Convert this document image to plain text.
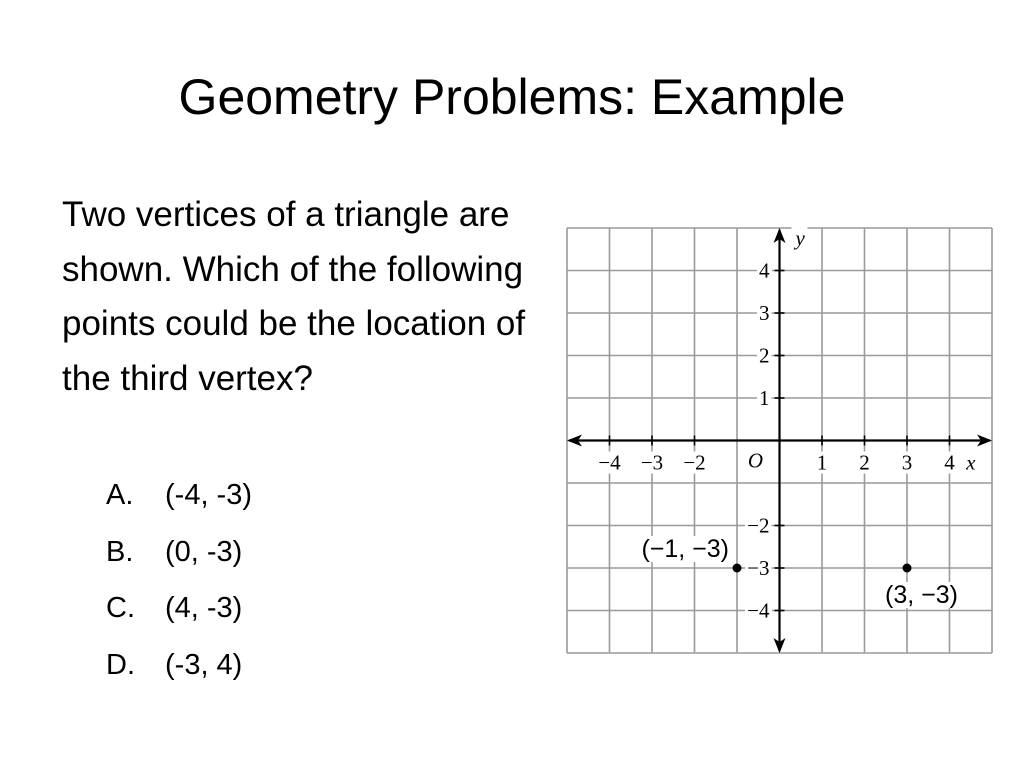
Geometry Problems: Example
Two vertices of a triangle are shown. Which of the following points could be the location of the third vertex?
A. (-4, -3)
B. (0, -3)
C. (4, -3)
D. (-3, 4)
−4 −3 −2	1 2 3 4
4
3
2
1
−2
−3
−4
x
y
O
(−1, −3)
(3, −3)
